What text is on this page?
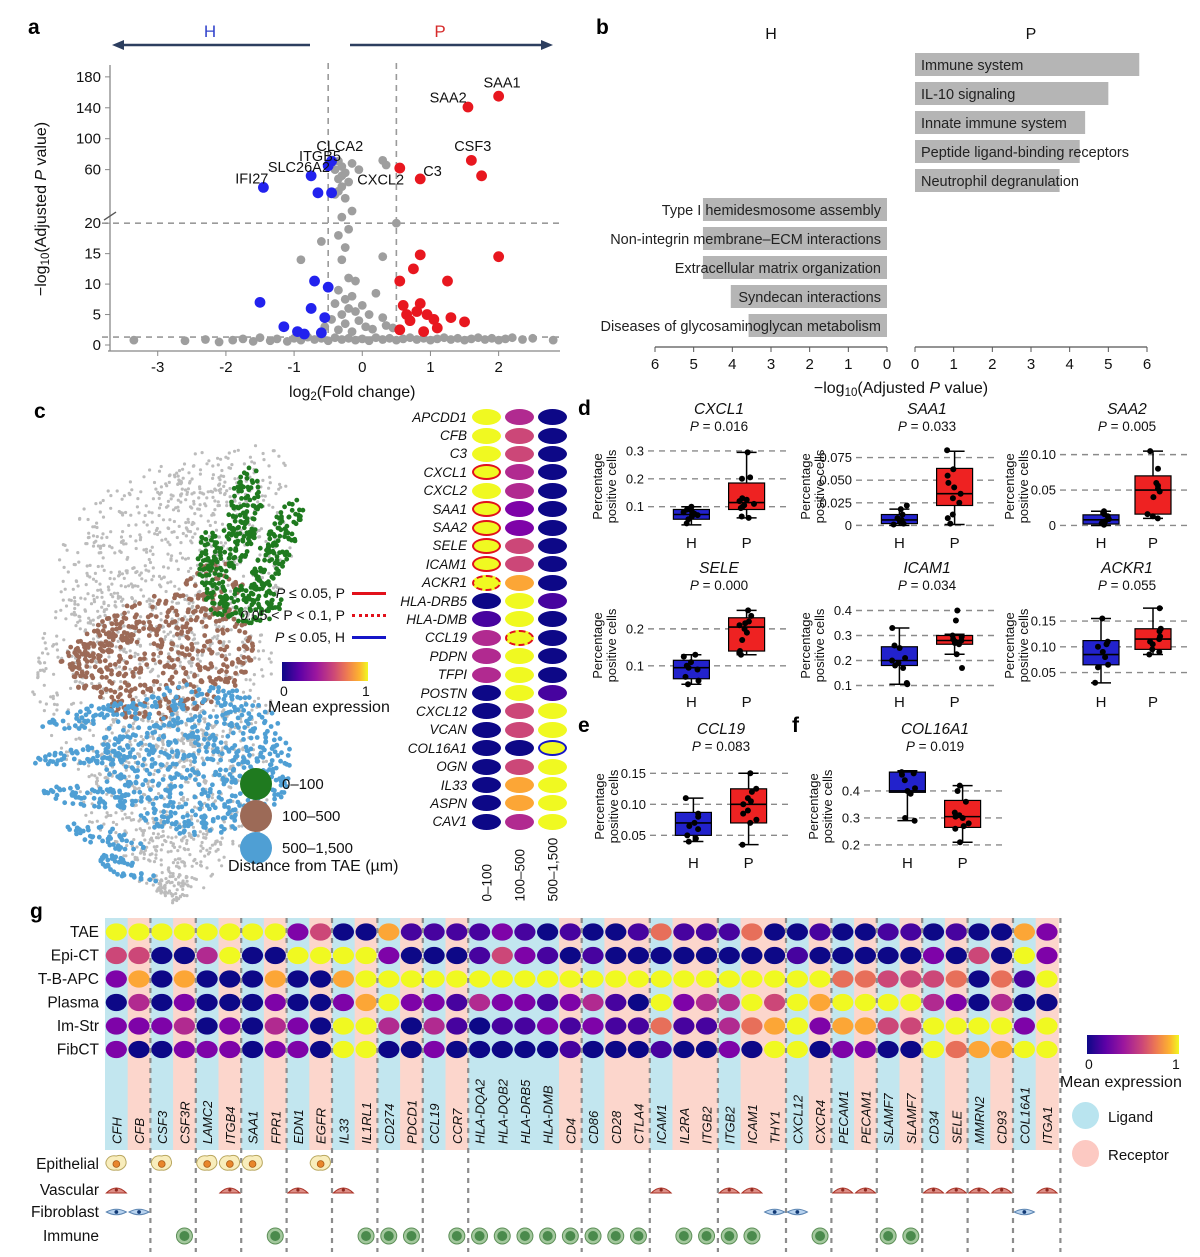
a	b
c	d
e	f
g
-3	-2	-1	0	1	2
0
5
10
15
20
60
100
140
180
log2(Fold change)
−log10(Adjusted P value)
H	P
SAA1
SAA2
CSF3
C3
CXCL2
CLCA2
ITGB5
SLC26A2
IFI27
H	P
Immune system
IL-10 signaling
Innate immune system
Peptide ligand-binding receptors
Neutrophil degranulation
Type I hemidesmosome assembly
Non-integrin membrane–ECM interactions
Extracellular matrix organization
Syndecan interactions
Diseases of glycosaminoglycan metabolism
0 0
1	1
2	2
3	3
4	4
5	5
6	6
−log10(Adjusted P value)
P ≤ 0.05, P
0.05 < P < 0.1, P
P ≤ 0.05, H
0	1
Mean expression
0–100
100–500
500–1,500
Distance from TAE (µm)
APCDD1
CFB
C3
CXCL1
CXCL2
SAA1
SAA2
SELE
ICAM1
ACKR1
HLA-DRB5
HLA-DMB
CCL19
PDPN
TFPI
POSTN
CXCL12
VCAN
COL16A1
OGN
IL33
ASPN
CAV1
0–100 100–500 500–1,500
CXCL1
P = 0.016
0.1
0.2
0.3
Percentage positive cells
H	P
SAA1
P = 0.033
0
0.025
0.050
0.075
Percentage positive cells
H	P
SAA2
P = 0.005
0
0.05
0.10
Percentage positive cells
H	P
SELE
P = 0.000
0.1
0.2
Percentage positive cells
H	P
ICAM1
P = 0.034
0.1
0.2
0.3
0.4
Percentage positive cells
H	P
ACKR1
P = 0.055
0.05
0.10
0.15
Percentage positive cells
H	P
CCL19
P = 0.083
0.05
0.10
0.15
Percentage positive cells
H	P
COL16A1
P = 0.019
0.2
0.3
0.4
Percentage positive cells
H	P
TAE
Epi-CT
T-B-APC
Plasma
Im-Str
FibCT
CFH CFB CSF3 CSF3R LAMC2 ITGB4 SAA1 FPR1 EDN1 EGFR IL33 IL1RL1 CD274 PDCD1 CCL19 CCR7 HLA-DQA2 HLA-DQB2 HLA-DRB5 HLA-DMB CD4 CD86 CD28 CTLA4 ICAM1 IL2RA ITGB2 ITGB2 ICAM1 THY1 CXCL12 CXCR4 PECAM1 PECAM1 SLAMF7 SLAMF7 CD34 SELE MMRN2 CD93 COL16A1 ITGA1
Epithelial
Vascular
Fibroblast
Immune
0	1
Mean expression
Ligand
Receptor
